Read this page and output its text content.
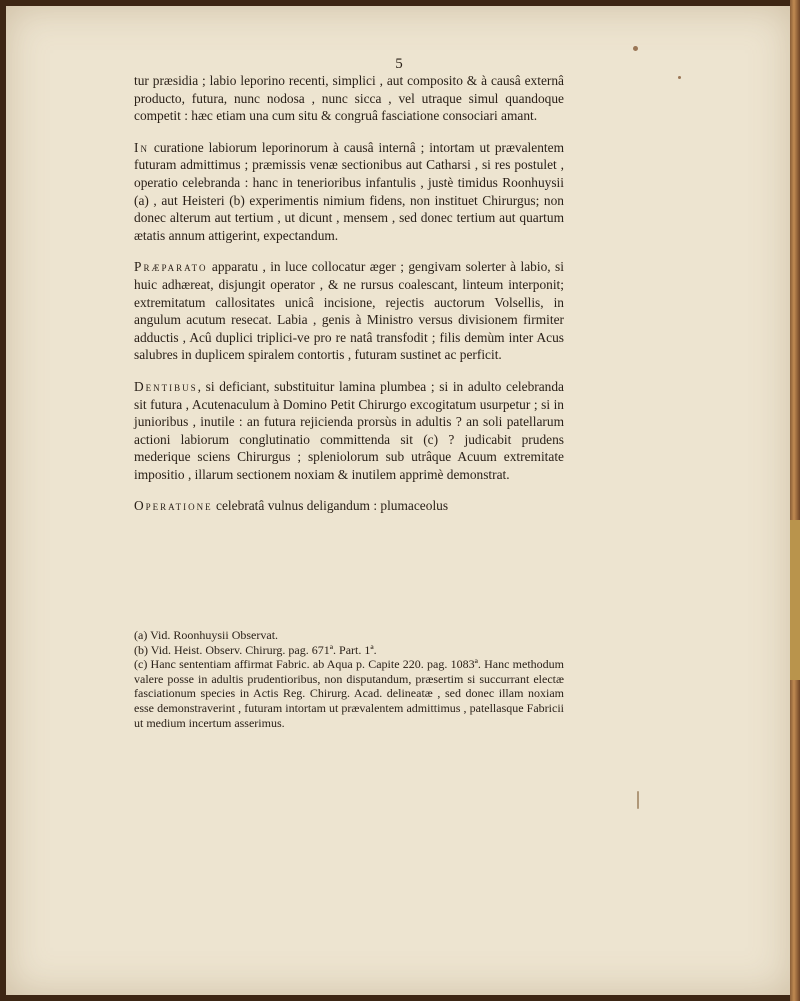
5

tur præsidia ; labio leporino recenti, simplici , aut composito & à causâ externâ producto, futura, nunc nodosa , nunc sicca , vel utraque simul quandoque competit : hæc etiam una cum situ & congruâ fasciatione consociari amant.

In curatione labiorum leporinorum à causâ internâ ; intortam ut prævalentem futuram admittimus ; præmissis venæ sectionibus aut Catharsi , si res postulet , operatio celebranda : hanc in tenerioribus infantulis , justè timidus Roonhuysii (a) , aut Heisteri (b) experimentis nimium fidens, non instituet Chirurgus; non donec alterum aut tertium , ut dicunt , mensem , sed donec tertium aut quartum ætatis annum attigerint, expectandum.

Præparato apparatu , in luce collocatur æger ; gengivam solerter à labio, si huic adhæreat, disjungit operator , & ne rursus coalescant, linteum interponit; extremitatum callositates unicâ incisione, rejectis auctorum Volsellis, in angulum acutum resecat. Labia , genis à Ministro versus divisionem firmiter adductis , Acû duplici triplici-ve pro re natâ transfodit ; filis demùm inter Acus salubres in duplicem spiralem contortis , futuram sustinet ac perficit.

Dentibus, si deficiant, substituitur lamina plumbea ; si in adulto celebranda sit futura , Acutenaculum à Domino Petit Chirurgo excogitatum usurpetur ; si in junioribus , inutile : an futura rejicienda prorsùs in adultis ? an soli patellarum actioni labiorum conglutinatio committenda sit (c) ? judicabit prudens mederique sciens Chirurgus ; spleniolorum sub utrâque Acuum extremitate impositio , illarum sectionem noxiam & inutilem apprimè demonstrat.

Operatione celebratâ vulnus deligandum : plumaceolus

(a) Vid. Roonhuysii Observat.

(b) Vid. Heist. Observ. Chirurg. pag. 671ª. Part. 1ª.

(c) Hanc sententiam affirmat Fabric. ab Aqua p. Capite 220. pag. 1083ª. Hanc methodum valere posse in adultis prudentioribus, non disputandum, præsertim si succurrant electæ fasciationum species in Actis Reg. Chirurg. Acad. delineatæ , sed donec illam noxiam esse demonstraverint , futuram intortam ut prævalentem admittimus , patellasque Fabricii ut medium incertum asserimus.
